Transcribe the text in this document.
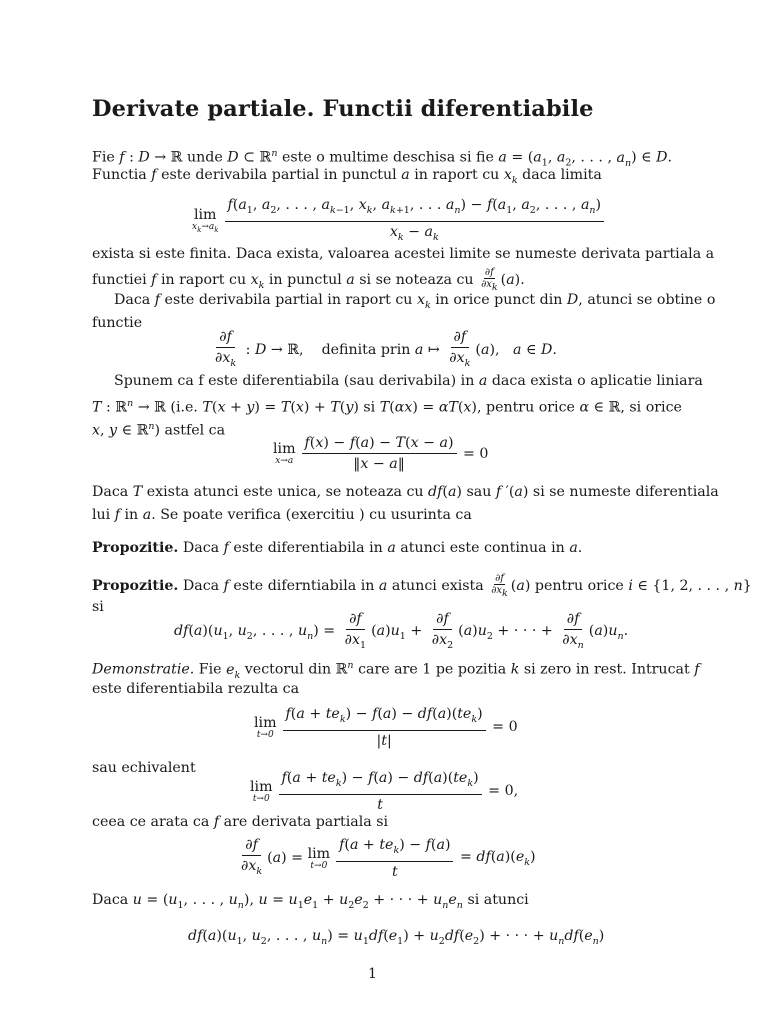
Derivate partiale. Functii diferentiabile
Fie f : D → ℝ unde D ⊂ ℝ$^n$ este o multime deschisa si fie $a = (a_1$, $a_2$, . . . , $a_n$) ∈ D.
Functia f este derivabila partial in punctul a in raport cu $x_k$ daca limita
lim
$x_k\to a_k$
$f(a_1$, $a_2$, . . . , $a_{k-1}$, $x_k$, $a_{k+1}$, . . . $a_n) - f(a_1$, $a_2$, . . . , $a_n$)
$x_k - a_k$
exista si este finita. Daca exista, valoarea acestei limite se numeste derivata partiala a
functiei f in raport cu $x_k$ in punctul a si se noteaza cu $\frac{\partial f}{\partial x_k} (a)$.
Daca f este derivabila partial in raport cu $x_k$ in orice punct din D, atunci se obtine o
functie
$\frac{\partial f}{\partial x_k}$ : D → ℝ, definita prin a ↦ $\frac{\partial f}{\partial x_k} (a)$,   a ∈ D.
Spunem ca f este diferentiabila (sau derivabila) in a daca exista o aplicatie liniara
T : ℝ$^n$ → ℝ (i.e. T(x + y) = T(x) + T(y) si T(αx) = αT(x), pentru orice α ∈ ℝ, si orice
x, y ∈ ℝ$^n$) astfel ca
lim
$x\to a \frac{f(x) - f(a) - T(x - a)}{‖x - a‖} = 0$
Daca T exista atunci este unica, se noteaza cu df(a) sau f ′(a) si se numeste diferentiala
lui f in a. Se poate verifica (exercitiu ) cu usurinta ca
Propozitie. Daca f este diferentiabila in a atunci este continua in a.
Propozitie. Daca f este diferntiabila in a atunci exista $\frac{\partial f}{\partial x_k} (a)$ pentru orice i ∈ {1, 2, . . . , n}
si
$df(a)(u_1$, $u_2$, . . . , $u_n) = \frac{\partial f}{\partial x_1} (a)u_1 + \frac{\partial f}{\partial x_2} (a)u_2$ + · · · + $\frac{\partial f}{\partial x_n} (a)u_n$.
Demonstratie. Fie $e_k$ vectorul din ℝ$^n$ care are 1 pe pozitia k si zero in rest. Intrucat f
este diferentiabila rezulta ca
lim
$t\to 0 \frac{f(a + te_k) - f(a) - df(a)(te_k)}{|t|} = 0$
sau echivalent
lim
$t\to 0 \frac{f(a + te_k) - f(a) - df(a)(te_k)}{t} = 0$,
ceea ce arata ca f are derivata partiala si
$\frac{\partial f}{\partial x_k} (a) = \lim$
$t\to 0 \frac{f(a + te_k) - f(a)}{t} = df(a)(e_k)$
Daca $u = (u_1$, . . . , $u_n$), $u = u_1e_1 + u_2e_2$ + · · · + $u_ne_n$ si atunci
$df(a)(u_1$, $u_2$, . . . , $u_n) = u_1df(e_1) + u_2df(e_2)$ + · · · + $u_ndf(e_n)$
1
